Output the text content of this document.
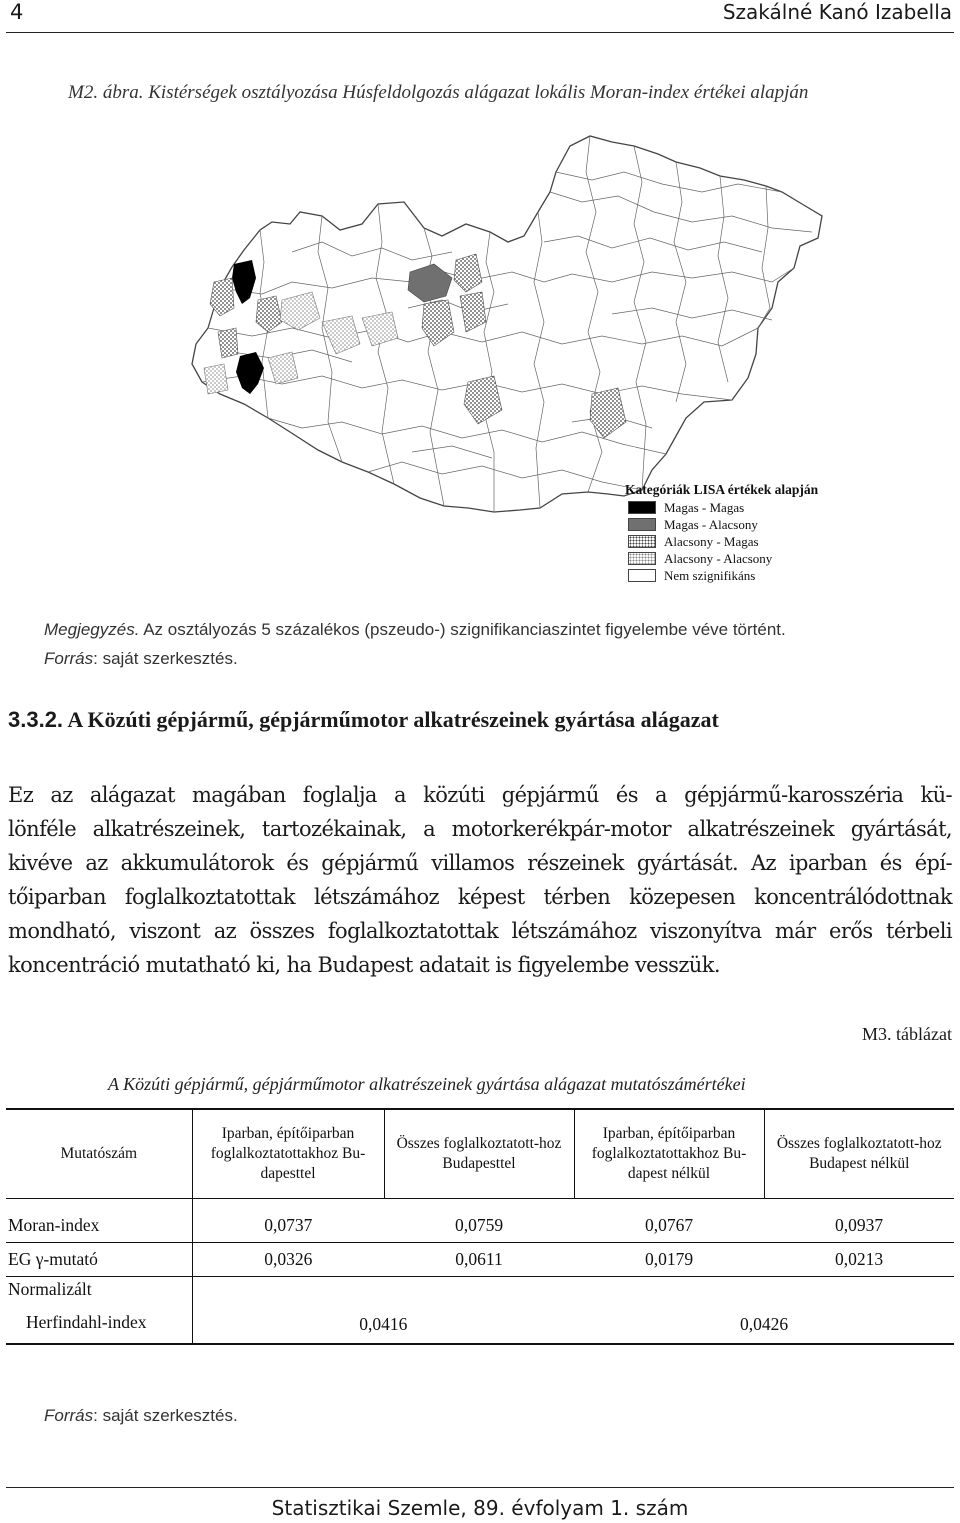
4	Szakálné Kanó Izabella
M2. ábra. Kistérségek osztályozása Húsfeldolgozás alágazat lokális Moran-index értékei alapján
Kategóriák LISA értékek alapján
Magas - Magas
Magas - Alacsony
Alacsony - Magas
Alacsony - Alacsony
Nem szignifikáns
Megjegyzés. Az osztályozás 5 százalékos (pszeudo-) szignifikanciaszintet figyelembe véve történt.
Forrás: saját szerkesztés.
3.3.2. A Közúti gépjármű, gépjárműmotor alkatrészeinek gyártása alágazat
Ez az alágazat magában foglalja a közúti gépjármű és a gépjármű-karosszéria kü-
lönféle alkatrészeinek, tartozékainak, a motorkerékpár-motor alkatrészeinek gyártását,
kivéve az akkumulátorok és gépjármű villamos részeinek gyártását. Az iparban és épí-
tőiparban foglalkoztatottak létszámához képest térben közepesen koncentrálódottnak
mondható, viszont az összes foglalkoztatottak létszámához viszonyítva már erős térbeli
koncentráció mutatható ki, ha Budapest adatait is figyelembe vesszük.
M3. táblázat
A Közúti gépjármű, gépjárműmotor alkatrészeinek gyártása alágazat mutatószámértékei
Mutatószám	Iparban, építőiparban foglalkoztatottakhoz Bu-dapesttel	Összes foglalkoztatott-hoz Budapesttel	Iparban, építőiparban foglalkoztatottakhoz Bu-dapest nélkül	Összes foglalkoztatott-hoz Budapest nélkül
Moran-index	0,0737	0,0759	0,0767	0,0937
EG γ-mutató	0,0326	0,0611	0,0179	0,0213

Normalizált
Herfindahl-index	0,0416		0,0426	
Forrás: saját szerkesztés.
Statisztikai Szemle, 89. évfolyam 1. szám
